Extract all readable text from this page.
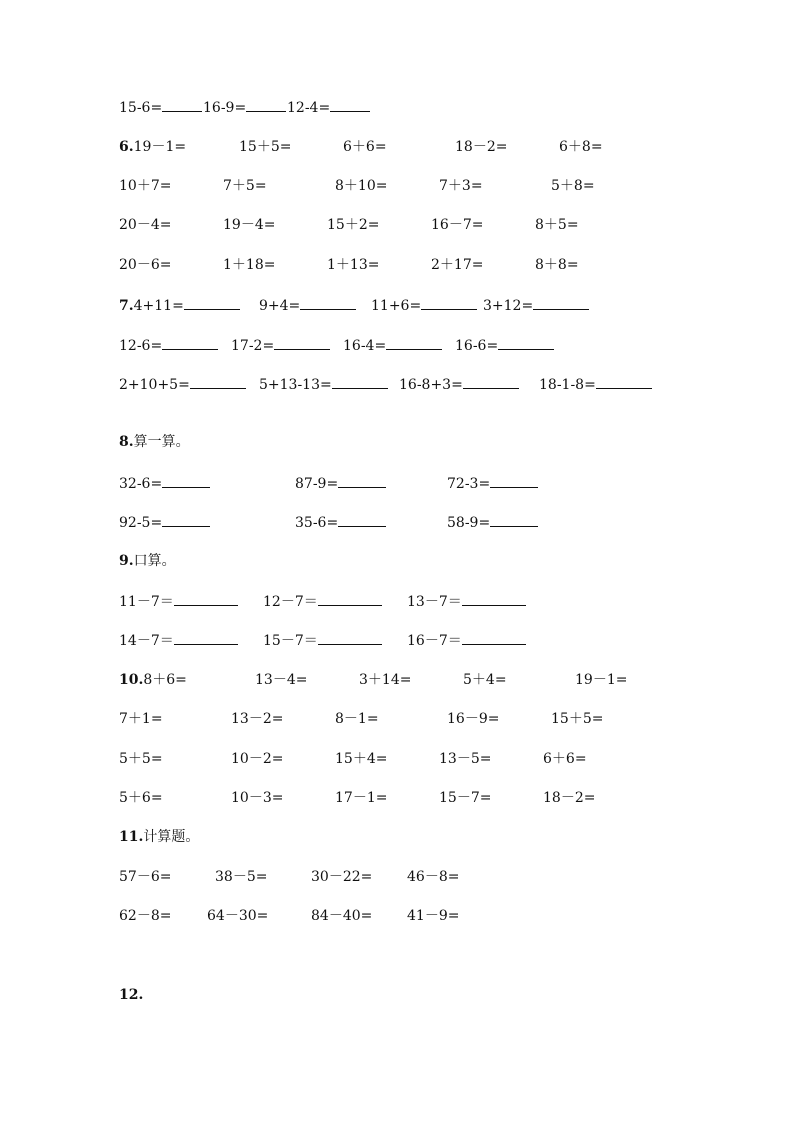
15-6=	16-9=	12-4=
6.19－1=	15＋5=	6＋6=	18－2=	6＋8=
10＋7=	7＋5=	8＋10=	7＋3=	5＋8=
20－4=	19－4=	15＋2=	16－7=	8＋5=
20－6=	1＋18=	1＋13=	2＋17=	8＋8=
7.4+11=	9+4=	11+6=	3+12=
12-6=	17-2=	16-4=	16-6=
2+10+5=	5+13-13=	16-8+3=	18-1-8=
8.算一算。
32-6=	87-9=	72-3=
92-5=	35-6=	58-9=
9.口算。
11－7＝	12－7＝	13－7＝
14－7＝	15－7＝	16－7＝
10.8＋6=	13－4=	3＋14=	5＋4=	19－1=
7＋1=	13－2=	8－1=	16－9=	15＋5=
5＋5=	10－2=	15＋4=	13－5=	6＋6=
5＋6=	10－3=	17－1=	15－7=	18－2=
11.计算题。
57－6=	38－5=	30－22= 46－8=
62－8=	64－30=	84－40= 41－9=
12.
